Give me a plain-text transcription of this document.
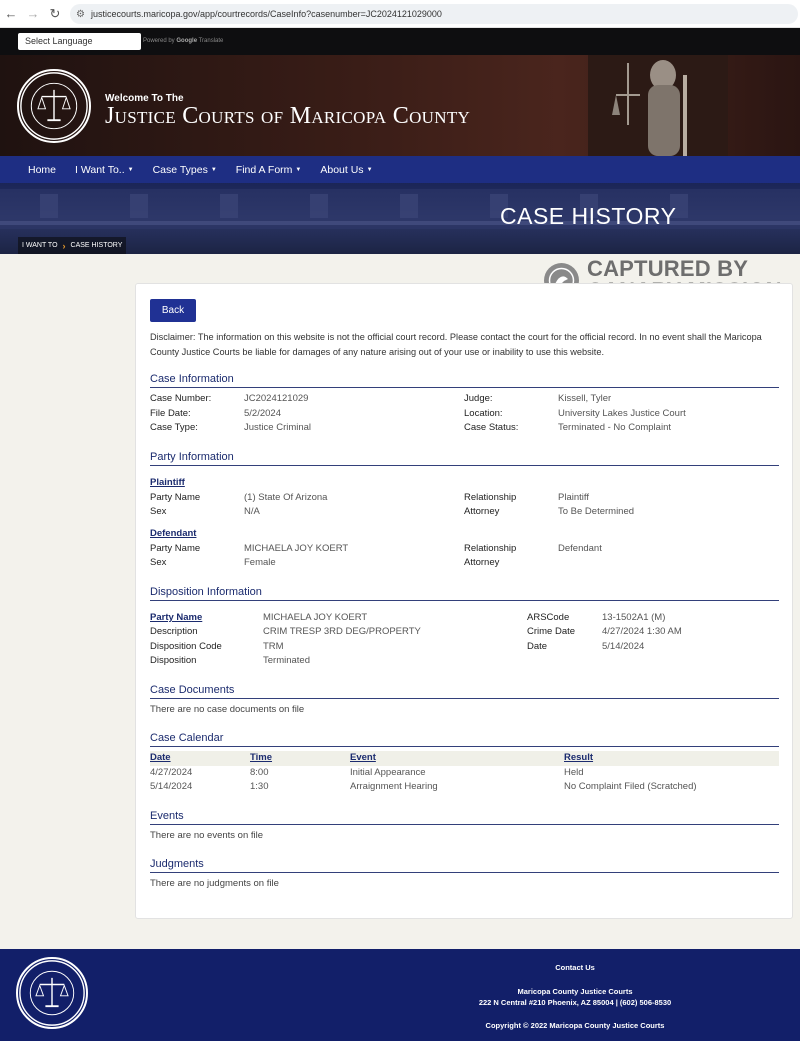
← → ↻	⚙ justicecourts.maricopa.gov/app/courtrecords/CaseInfo?casenumber=JC2024121029000
Select Language	Powered by Google Translate
Welcome To The
Justice Courts of Maricopa County
Home I Want To.. ▼ Case Types ▼ Find A Form ▼ About Us ▼
CASE HISTORY
I WANT TO › CASE HISTORY
CAPTURED BY
Back
Disclaimer: The information on this website is not the official court record. Please contact the court for the official record. In no event shall the Maricopa County Justice Courts be liable for damages of any nature arising out of your use or inability to use this website.
Case Information
Case Number:	JC2024121029
File Date:	5/2/2024
Case Type:	Justice Criminal
Judge:	Kissell, Tyler
Location:	University Lakes Justice Court
Case Status:	Terminated - No Complaint
Party Information
Plaintiff
Party Name	(1) State Of Arizona
Sex	N/A
Relationship	Plaintiff
Attorney	To Be Determined
Defendant
Party Name	MICHAELA JOY KOERT
Sex	Female
Relationship	Defendant
Attorney
Disposition Information
Party Name	MICHAELA JOY KOERT
Description	CRIM TRESP 3RD DEG/PROPERTY
Disposition Code	TRM
Disposition	Terminated
ARSCode	13-1502A1 (M)
Crime Date	4/27/2024 1:30 AM
Date	5/14/2024
Case Documents
There are no case documents on file
Case Calendar
Date	Time	Event	Result
4/27/2024	8:00	Initial Appearance	Held
5/14/2024	1:30	Arraignment Hearing	No Complaint Filed (Scratched)
Events
There are no events on file
Judgments
There are no judgments on file
Contact Us
Maricopa County Justice Courts
222 N Central #210 Phoenix, AZ 85004 | (602) 506-8530
Copyright © 2022 Maricopa County Justice Courts
